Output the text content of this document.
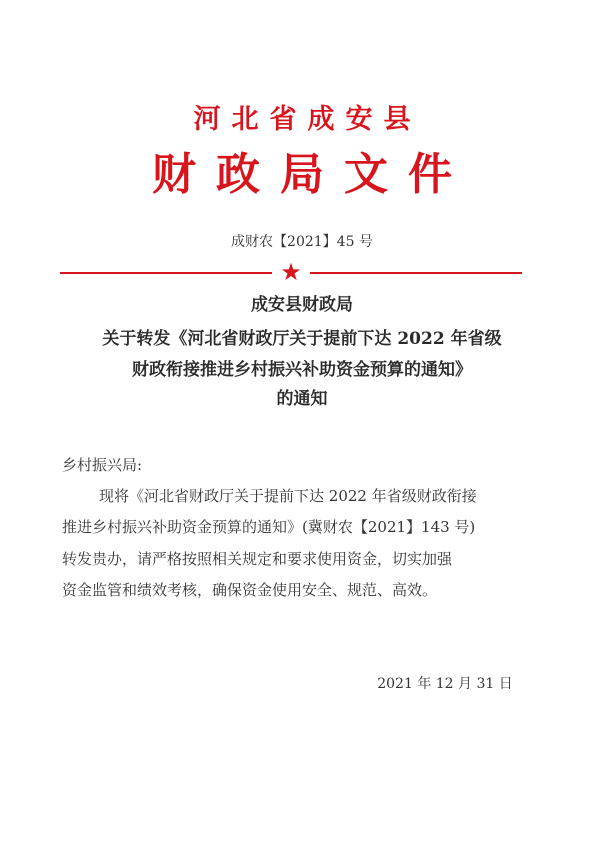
河北省成安县
财政局文件
成财农【2021】45 号
★
成安县财政局
关于转发《河北省财政厅关于提前下达 2022 年省级
财政衔接推进乡村振兴补助资金预算的通知》
的通知
乡村振兴局:
现将《河北省财政厅关于提前下达 2022 年省级财政衔接
推进乡村振兴补助资金预算的通知》(冀财农【2021】143 号)
转发贵办，请严格按照相关规定和要求使用资金，切实加强
资金监管和绩效考核，确保资金使用安全、规范、高效。
2021 年 12 月 31 日
